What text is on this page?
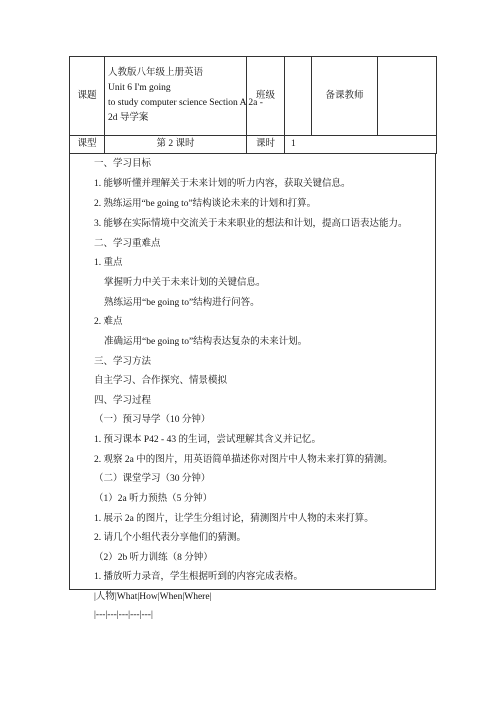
课题	人教版八年级上册英语
Unit 6 I'm going
to study computer science Section A 2a -
2d 导学案	班级		备课教师	
课型	第 2 课时	课时	1		
一、学习目标
1. 能够听懂并理解关于未来计划的听力内容，获取关键信息。
2. 熟练运用“be going to”结构谈论未来的计划和打算。
3. 能够在实际情境中交流关于未来职业的想法和计划，提高口语表达能力。
二、学习重难点
1. 重点
掌握听力中关于未来计划的关键信息。
熟练运用“be going to”结构进行问答。
2. 难点
准确运用“be going to”结构表达复杂的未来计划。
三、学习方法
自主学习、合作探究、情景模拟
四、学习过程
（一）预习导学（10 分钟）
1. 预习课本 P42 - 43 的生词，尝试理解其含义并记忆。
2. 观察 2a 中的图片，用英语简单描述你对图片中人物未来打算的猜测。
（二）课堂学习（30 分钟）
（1）2a 听力预热（5 分钟）
1. 展示 2a 的图片，让学生分组讨论，猜测图片中人物的未来打算。
2. 请几个小组代表分享他们的猜测。
（2）2b 听力训练（8 分钟）
1. 播放听力录音，学生根据听到的内容完成表格。
|人物|What|How|When|Where|
|---|---|---|---|---|
